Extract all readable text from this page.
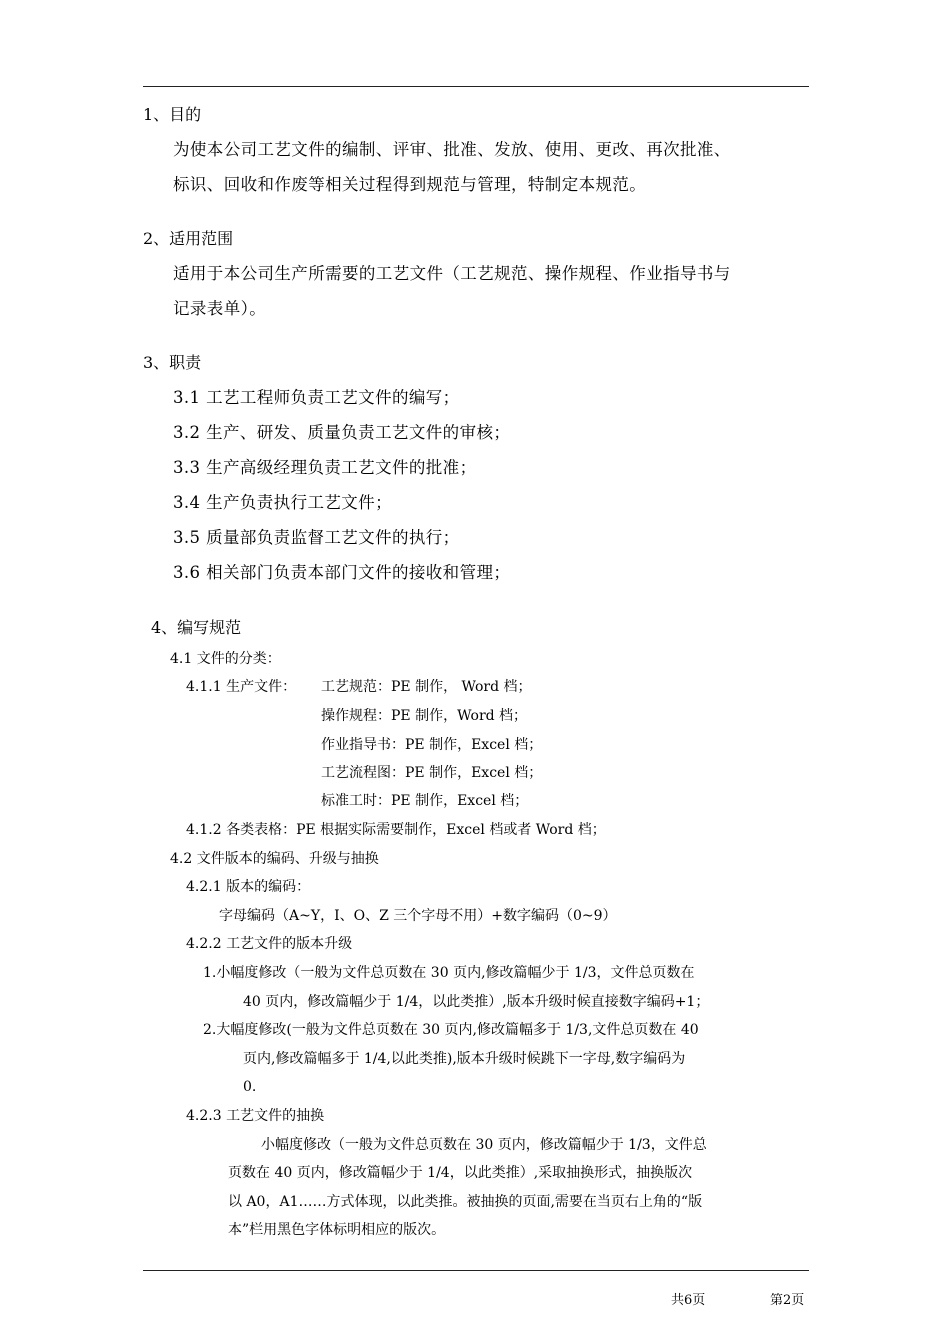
1、目的
为使本公司工艺文件的编制、评审、批准、发放、使用、更改、再次批准、
标识、回收和作废等相关过程得到规范与管理，特制定本规范。
2、适用范围
适用于本公司生产所需要的工艺文件（工艺规范、操作规程、作业指导书与
记录表单）。
3、职责
3.1 工艺工程师负责工艺文件的编写；
3.2 生产、研发、质量负责工艺文件的审核；
3.3 生产高级经理负责工艺文件的批准；
3.4 生产负责执行工艺文件；
3.5 质量部负责监督工艺文件的执行；
3.6 相关部门负责本部门文件的接收和管理；
4、编写规范
4.1 文件的分类：
4.1.1 生产文件： 工艺规范：PE 制作， Word 档；
操作规程：PE 制作，Word 档；
作业指导书：PE 制作，Excel 档；
工艺流程图：PE 制作，Excel 档；
标准工时：PE 制作，Excel 档；
4.1.2 各类表格：PE 根据实际需要制作，Excel 档或者 Word 档；
4.2 文件版本的编码、升级与抽换
4.2.1 版本的编码：
字母编码（A~Y，I、O、Z 三个字母不用）+数字编码（0~9）
4.2.2 工艺文件的版本升级
1.小幅度修改（一般为文件总页数在 30 页内,修改篇幅少于 1/3，文件总页数在
40 页内，修改篇幅少于 1/4，以此类推）,版本升级时候直接数字编码+1；
2.大幅度修改(一般为文件总页数在 30 页内,修改篇幅多于 1/3,文件总页数在 40
页内,修改篇幅多于 1/4,以此类推),版本升级时候跳下一字母,数字编码为
0.
4.2.3 工艺文件的抽换
小幅度修改（一般为文件总页数在 30 页内，修改篇幅少于 1/3，文件总
页数在 40 页内，修改篇幅少于 1/4，以此类推）,采取抽换形式，抽换版次
以 A0，A1……方式体现，以此类推。被抽换的页面,需要在当页右上角的“版
本”栏用黑色字体标明相应的版次。
共6页	第2页
